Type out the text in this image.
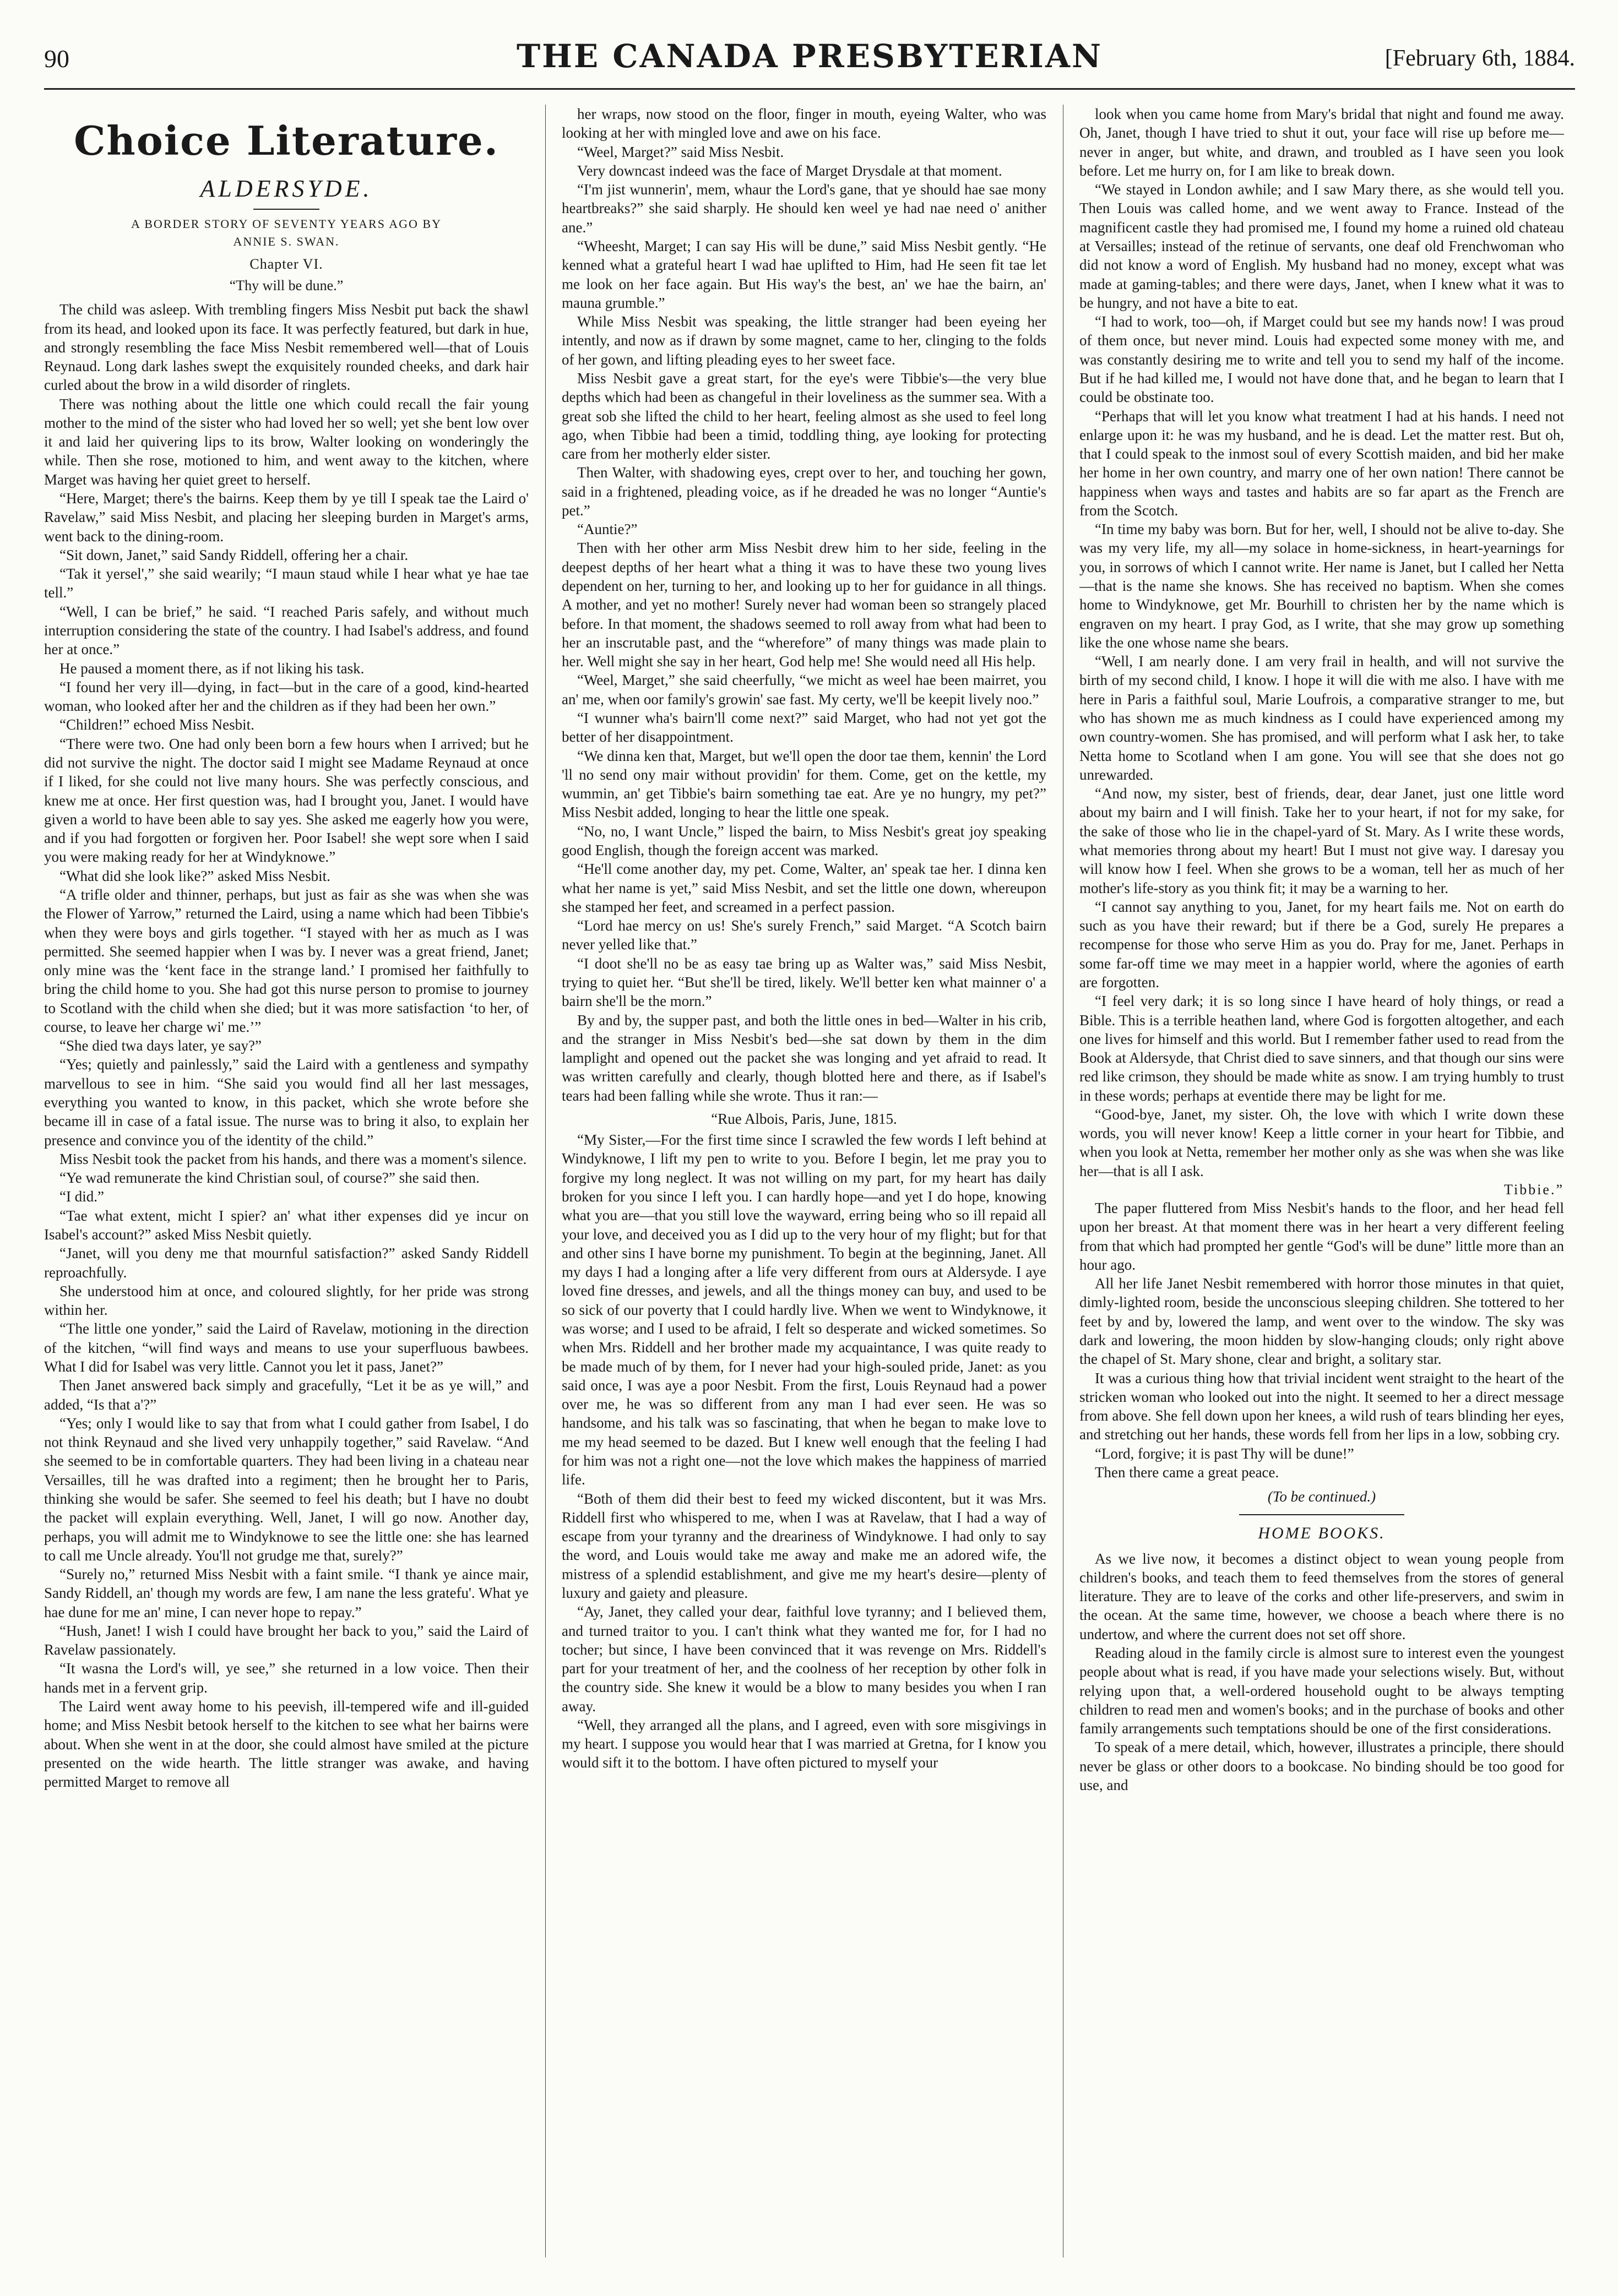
90	THE CANADA PRESBYTERIAN	[February 6th, 1884.
Choice Literature.
ALDERSYDE.
A BORDER STORY OF SEVENTY YEARS AGO BY
ANNIE S. SWAN.
Chapter VI.
“Thy will be dune.”

The child was asleep. With trembling fingers Miss Nesbit put back the shawl from its head, and looked upon its face. It was perfectly featured, but dark in hue, and strongly resembling the face Miss Nesbit remembered well—that of Louis Reynaud. Long dark lashes swept the exquisitely rounded cheeks, and dark hair curled about the brow in a wild disorder of ringlets.

There was nothing about the little one which could recall the fair young mother to the mind of the sister who had loved her so well; yet she bent low over it and laid her quivering lips to its brow, Walter looking on wonderingly the while. Then she rose, motioned to him, and went away to the kitchen, where Marget was having her quiet greet to herself.

“Here, Marget; there's the bairns. Keep them by ye till I speak tae the Laird o' Ravelaw,” said Miss Nesbit, and placing her sleeping burden in Marget's arms, went back to the dining-room.

“Sit down, Janet,” said Sandy Riddell, offering her a chair.

“Tak it yersel',” she said wearily; “I maun staud while I hear what ye hae tae tell.”

“Well, I can be brief,” he said. “I reached Paris safely, and without much interruption considering the state of the country. I had Isabel's address, and found her at once.”

He paused a moment there, as if not liking his task.

“I found her very ill—dying, in fact—but in the care of a good, kind-hearted woman, who looked after her and the children as if they had been her own.”

“Children!” echoed Miss Nesbit.

“There were two. One had only been born a few hours when I arrived; but he did not survive the night. The doctor said I might see Madame Reynaud at once if I liked, for she could not live many hours. She was perfectly conscious, and knew me at once. Her first question was, had I brought you, Janet. I would have given a world to have been able to say yes. She asked me eagerly how you were, and if you had forgotten or forgiven her. Poor Isabel! she wept sore when I said you were making ready for her at Windyknowe.”

“What did she look like?” asked Miss Nesbit.

“A trifle older and thinner, perhaps, but just as fair as she was when she was the Flower of Yarrow,” returned the Laird, using a name which had been Tibbie's when they were boys and girls together. “I stayed with her as much as I was permitted. She seemed happier when I was by. I never was a great friend, Janet; only mine was the ‘kent face in the strange land.’ I promised her faithfully to bring the child home to you. She had got this nurse person to promise to journey to Scotland with the child when she died; but it was more satisfaction ‘to her, of course, to leave her charge wi' me.’”

“She died twa days later, ye say?”

“Yes; quietly and painlessly,” said the Laird with a gentleness and sympathy marvellous to see in him. “She said you would find all her last messages, everything you wanted to know, in this packet, which she wrote before she became ill in case of a fatal issue. The nurse was to bring it also, to explain her presence and convince you of the identity of the child.”

Miss Nesbit took the packet from his hands, and there was a moment's silence.

“Ye wad remunerate the kind Christian soul, of course?” she said then.

“I did.”

“Tae what extent, micht I spier? an' what ither expenses did ye incur on Isabel's account?” asked Miss Nesbit quietly.

“Janet, will you deny me that mournful satisfaction?” asked Sandy Riddell reproachfully.

She understood him at once, and coloured slightly, for her pride was strong within her.

“The little one yonder,” said the Laird of Ravelaw, motioning in the direction of the kitchen, “will find ways and means to use your superfluous bawbees. What I did for Isabel was very little. Cannot you let it pass, Janet?”

Then Janet answered back simply and gracefully, “Let it be as ye will,” and added, “Is that a'?”

“Yes; only I would like to say that from what I could gather from Isabel, I do not think Reynaud and she lived very unhappily together,” said Ravelaw. “And she seemed to be in comfortable quarters. They had been living in a chateau near Versailles, till he was drafted into a regiment; then he brought her to Paris, thinking she would be safer. She seemed to feel his death; but I have no doubt the packet will explain everything. Well, Janet, I will go now. Another day, perhaps, you will admit me to Windyknowe to see the little one: she has learned to call me Uncle already. You'll not grudge me that, surely?”

“Surely no,” returned Miss Nesbit with a faint smile. “I thank ye aince mair, Sandy Riddell, an' though my words are few, I am nane the less gratefu'. What ye hae dune for me an' mine, I can never hope to repay.”

“Hush, Janet! I wish I could have brought her back to you,” said the Laird of Ravelaw passionately.

“It wasna the Lord's will, ye see,” she returned in a low voice. Then their hands met in a fervent grip.

The Laird went away home to his peevish, ill-tempered wife and ill-guided home; and Miss Nesbit betook herself to the kitchen to see what her bairns were about. When she went in at the door, she could almost have smiled at the picture presented on the wide hearth. The little stranger was awake, and having permitted Marget to remove all

her wraps, now stood on the floor, finger in mouth, eyeing Walter, who was looking at her with mingled love and awe on his face.

“Weel, Marget?” said Miss Nesbit.

Very downcast indeed was the face of Marget Drysdale at that moment.

“I'm jist wunnerin', mem, whaur the Lord's gane, that ye should hae sae mony heartbreaks?” she said sharply. He should ken weel ye had nae need o' anither ane.”

“Wheesht, Marget; I can say His will be dune,” said Miss Nesbit gently. “He kenned what a grateful heart I wad hae uplifted to Him, had He seen fit tae let me look on her face again. But His way's the best, an' we hae the bairn, an' mauna grumble.”

While Miss Nesbit was speaking, the little stranger had been eyeing her intently, and now as if drawn by some magnet, came to her, clinging to the folds of her gown, and lifting pleading eyes to her sweet face.

Miss Nesbit gave a great start, for the eye's were Tibbie's—the very blue depths which had been as changeful in their loveliness as the summer sea. With a great sob she lifted the child to her heart, feeling almost as she used to feel long ago, when Tibbie had been a timid, toddling thing, aye looking for protecting care from her motherly elder sister.

Then Walter, with shadowing eyes, crept over to her, and touching her gown, said in a frightened, pleading voice, as if he dreaded he was no longer “Auntie's pet.”

“Auntie?”

Then with her other arm Miss Nesbit drew him to her side, feeling in the deepest depths of her heart what a thing it was to have these two young lives dependent on her, turning to her, and looking up to her for guidance in all things. A mother, and yet no mother! Surely never had woman been so strangely placed before. In that moment, the shadows seemed to roll away from what had been to her an inscrutable past, and the “wherefore” of many things was made plain to her. Well might she say in her heart, God help me! She would need all His help.

“Weel, Marget,” she said cheerfully, “we micht as weel hae been mairret, you an' me, when oor family's growin' sae fast. My certy, we'll be keepit lively noo.”

“I wunner wha's bairn'll come next?” said Marget, who had not yet got the better of her disappointment.

“We dinna ken that, Marget, but we'll open the door tae them, kennin' the Lord 'll no send ony mair without providin' for them. Come, get on the kettle, my wummin, an' get Tibbie's bairn something tae eat. Are ye no hungry, my pet?” Miss Nesbit added, longing to hear the little one speak.

“No, no, I want Uncle,” lisped the bairn, to Miss Nesbit's great joy speaking good English, though the foreign accent was marked.

“He'll come another day, my pet. Come, Walter, an' speak tae her. I dinna ken what her name is yet,” said Miss Nesbit, and set the little one down, whereupon she stamped her feet, and screamed in a perfect passion.

“Lord hae mercy on us! She's surely French,” said Marget. “A Scotch bairn never yelled like that.”

“I doot she'll no be as easy tae bring up as Walter was,” said Miss Nesbit, trying to quiet her. “But she'll be tired, likely. We'll better ken what mainner o' a bairn she'll be the morn.”

By and by, the supper past, and both the little ones in bed—Walter in his crib, and the stranger in Miss Nesbit's bed—she sat down by them in the dim lamplight and opened out the packet she was longing and yet afraid to read. It was written carefully and clearly, though blotted here and there, as if Isabel's tears had been falling while she wrote. Thus it ran:—

“Rue Albois, Paris, June, 1815.

“My Sister,—For the first time since I scrawled the few words I left behind at Windyknowe, I lift my pen to write to you. Before I begin, let me pray you to forgive my long neglect. It was not willing on my part, for my heart has daily broken for you since I left you. I can hardly hope—and yet I do hope, knowing what you are—that you still love the wayward, erring being who so ill repaid all your love, and deceived you as I did up to the very hour of my flight; but for that and other sins I have borne my punishment. To begin at the beginning, Janet. All my days I had a longing after a life very different from ours at Aldersyde. I aye loved fine dresses, and jewels, and all the things money can buy, and used to be so sick of our poverty that I could hardly live. When we went to Windyknowe, it was worse; and I used to be afraid, I felt so desperate and wicked sometimes. So when Mrs. Riddell and her brother made my acquaintance, I was quite ready to be made much of by them, for I never had your high-souled pride, Janet: as you said once, I was aye a poor Nesbit. From the first, Louis Reynaud had a power over me, he was so different from any man I had ever seen. He was so handsome, and his talk was so fascinating, that when he began to make love to me my head seemed to be dazed. But I knew well enough that the feeling I had for him was not a right one—not the love which makes the happiness of married life.

“Both of them did their best to feed my wicked discontent, but it was Mrs. Riddell first who whispered to me, when I was at Ravelaw, that I had a way of escape from your tyranny and the dreariness of Windyknowe. I had only to say the word, and Louis would take me away and make me an adored wife, the mistress of a splendid establishment, and give me my heart's desire—plenty of luxury and gaiety and pleasure.

“Ay, Janet, they called your dear, faithful love tyranny; and I believed them, and turned traitor to you. I can't think what they wanted me for, for I had no tocher; but since, I have been convinced that it was revenge on Mrs. Riddell's part for your treatment of her, and the coolness of her reception by other folk in the country side. She knew it would be a blow to many besides you when I ran away.

“Well, they arranged all the plans, and I agreed, even with sore misgivings in my heart. I suppose you would hear that I was married at Gretna, for I know you would sift it to the bottom. I have often pictured to myself your

look when you came home from Mary's bridal that night and found me away. Oh, Janet, though I have tried to shut it out, your face will rise up before me—never in anger, but white, and drawn, and troubled as I have seen you look before. Let me hurry on, for I am like to break down.

“We stayed in London awhile; and I saw Mary there, as she would tell you. Then Louis was called home, and we went away to France. Instead of the magnificent castle they had promised me, I found my home a ruined old chateau at Versailles; instead of the retinue of servants, one deaf old Frenchwoman who did not know a word of English. My husband had no money, except what was made at gaming-tables; and there were days, Janet, when I knew what it was to be hungry, and not have a bite to eat.

“I had to work, too—oh, if Marget could but see my hands now! I was proud of them once, but never mind. Louis had expected some money with me, and was constantly desiring me to write and tell you to send my half of the income. But if he had killed me, I would not have done that, and he began to learn that I could be obstinate too.

“Perhaps that will let you know what treatment I had at his hands. I need not enlarge upon it: he was my husband, and he is dead. Let the matter rest. But oh, that I could speak to the inmost soul of every Scottish maiden, and bid her make her home in her own country, and marry one of her own nation! There cannot be happiness when ways and tastes and habits are so far apart as the French are from the Scotch.

“In time my baby was born. But for her, well, I should not be alive to-day. She was my very life, my all—my solace in home-sickness, in heart-yearnings for you, in sorrows of which I cannot write. Her name is Janet, but I called her Netta—that is the name she knows. She has received no baptism. When she comes home to Windyknowe, get Mr. Bourhill to christen her by the name which is engraven on my heart. I pray God, as I write, that she may grow up something like the one whose name she bears.

“Well, I am nearly done. I am very frail in health, and will not survive the birth of my second child, I know. I hope it will die with me also. I have with me here in Paris a faithful soul, Marie Loufrois, a comparative stranger to me, but who has shown me as much kindness as I could have experienced among my own country-women. She has promised, and will perform what I ask her, to take Netta home to Scotland when I am gone. You will see that she does not go unrewarded.

“And now, my sister, best of friends, dear, dear Janet, just one little word about my bairn and I will finish. Take her to your heart, if not for my sake, for the sake of those who lie in the chapel-yard of St. Mary. As I write these words, what memories throng about my heart! But I must not give way. I daresay you will know how I feel. When she grows to be a woman, tell her as much of her mother's life-story as you think fit; it may be a warning to her.

“I cannot say anything to you, Janet, for my heart fails me. Not on earth do such as you have their reward; but if there be a God, surely He prepares a recompense for those who serve Him as you do. Pray for me, Janet. Perhaps in some far-off time we may meet in a happier world, where the agonies of earth are forgotten.

“I feel very dark; it is so long since I have heard of holy things, or read a Bible. This is a terrible heathen land, where God is forgotten altogether, and each one lives for himself and this world. But I remember father used to read from the Book at Aldersyde, that Christ died to save sinners, and that though our sins were red like crimson, they should be made white as snow. I am trying humbly to trust in these words; perhaps at eventide there may be light for me.

“Good-bye, Janet, my sister. Oh, the love with which I write down these words, you will never know! Keep a little corner in your heart for Tibbie, and when you look at Netta, remember her mother only as she was when she was like her—that is all I ask.

Tibbie.”

The paper fluttered from Miss Nesbit's hands to the floor, and her head fell upon her breast. At that moment there was in her heart a very different feeling from that which had prompted her gentle “God's will be dune” little more than an hour ago.

All her life Janet Nesbit remembered with horror those minutes in that quiet, dimly-lighted room, beside the unconscious sleeping children. She tottered to her feet by and by, lowered the lamp, and went over to the window. The sky was dark and lowering, the moon hidden by slow-hanging clouds; only right above the chapel of St. Mary shone, clear and bright, a solitary star.

It was a curious thing how that trivial incident went straight to the heart of the stricken woman who looked out into the night. It seemed to her a direct message from above. She fell down upon her knees, a wild rush of tears blinding her eyes, and stretching out her hands, these words fell from her lips in a low, sobbing cry.

“Lord, forgive; it is past Thy will be dune!”

Then there came a great peace.

(To be continued.)

HOME BOOKS.

As we live now, it becomes a distinct object to wean young people from children's books, and teach them to feed themselves from the stores of general literature. They are to leave of the corks and other life-preservers, and swim in the ocean. At the same time, however, we choose a beach where there is no undertow, and where the current does not set off shore.

Reading aloud in the family circle is almost sure to interest even the youngest people about what is read, if you have made your selections wisely. But, without relying upon that, a well-ordered household ought to be always tempting children to read men and women's books; and in the purchase of books and other family arrangements such temptations should be one of the first considerations.

To speak of a mere detail, which, however, illustrates a principle, there should never be glass or other doors to a bookcase. No binding should be too good for use, and
